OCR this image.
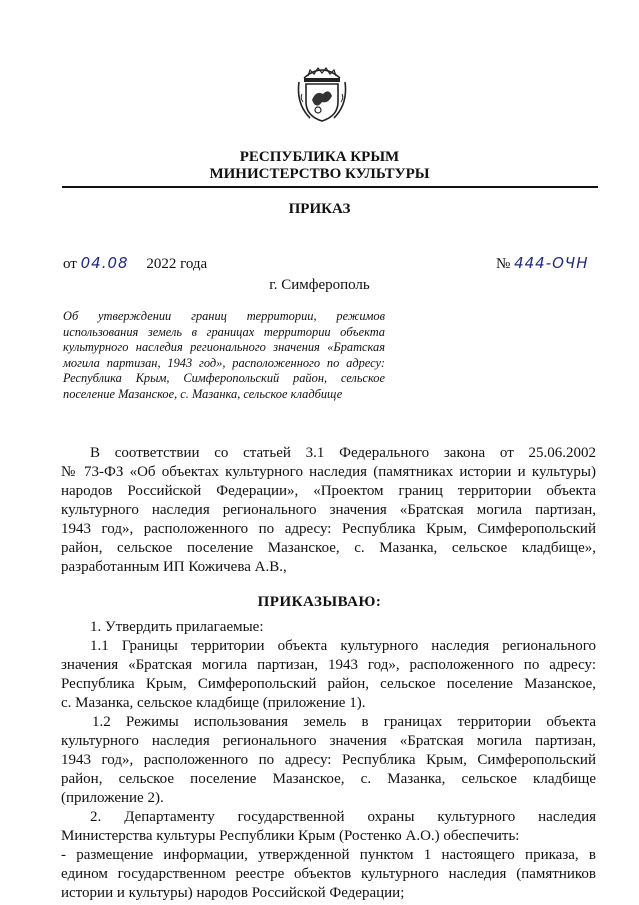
РЕСПУБЛИКА КРЫМ
МИНИСТЕРСТВО КУЛЬТУРЫ
ПРИКАЗ
от 04.08 2022 года	№ 444-ОЧН
г. Симферополь
Об утверждении границ территории, режимов использования земель в границах территории объекта культурного наследия регионального значения «Братская могила партизан, 1943 год», расположенного по адресу: Республика Крым, Симферопольский район, сельское поселение Мазанское, с. Мазанка, сельское кладбище
В соответствии со статьей 3.1 Федерального закона от 25.06.2002
№ 73-ФЗ «Об объектах культурного наследия (памятниках истории и культуры)
народов Российской Федерации», «Проектом границ территории объекта
культурного наследия регионального значения «Братская могила партизан,
1943 год», расположенного по адресу: Республика Крым, Симферопольский
район, сельское поселение Мазанское, с. Мазанка, сельское кладбище»,
разработанным ИП Кожичева А.В.,
ПРИКАЗЫВАЮ:
1. Утвердить прилагаемые:
1.1 Границы территории объекта культурного наследия регионального
значения «Братская могила партизан, 1943 год», расположенного по адресу:
Республика Крым, Симферопольский район, сельское поселение Мазанское,
с. Мазанка, сельское кладбище (приложение 1).
1.2 Режимы использования земель в границах территории объекта
культурного наследия регионального значения «Братская могила партизан,
1943 год», расположенного по адресу: Республика Крым, Симферопольский
район, сельское поселение Мазанское, с. Мазанка, сельское кладбище
(приложение 2).
2. Департаменту государственной охраны культурного наследия
Министерства культуры Республики Крым (Ростенко А.О.) обеспечить:
- размещение информации, утвержденной пунктом 1 настоящего приказа, в
едином государственном реестре объектов культурного наследия (памятников
истории и культуры) народов Российской Федерации;
